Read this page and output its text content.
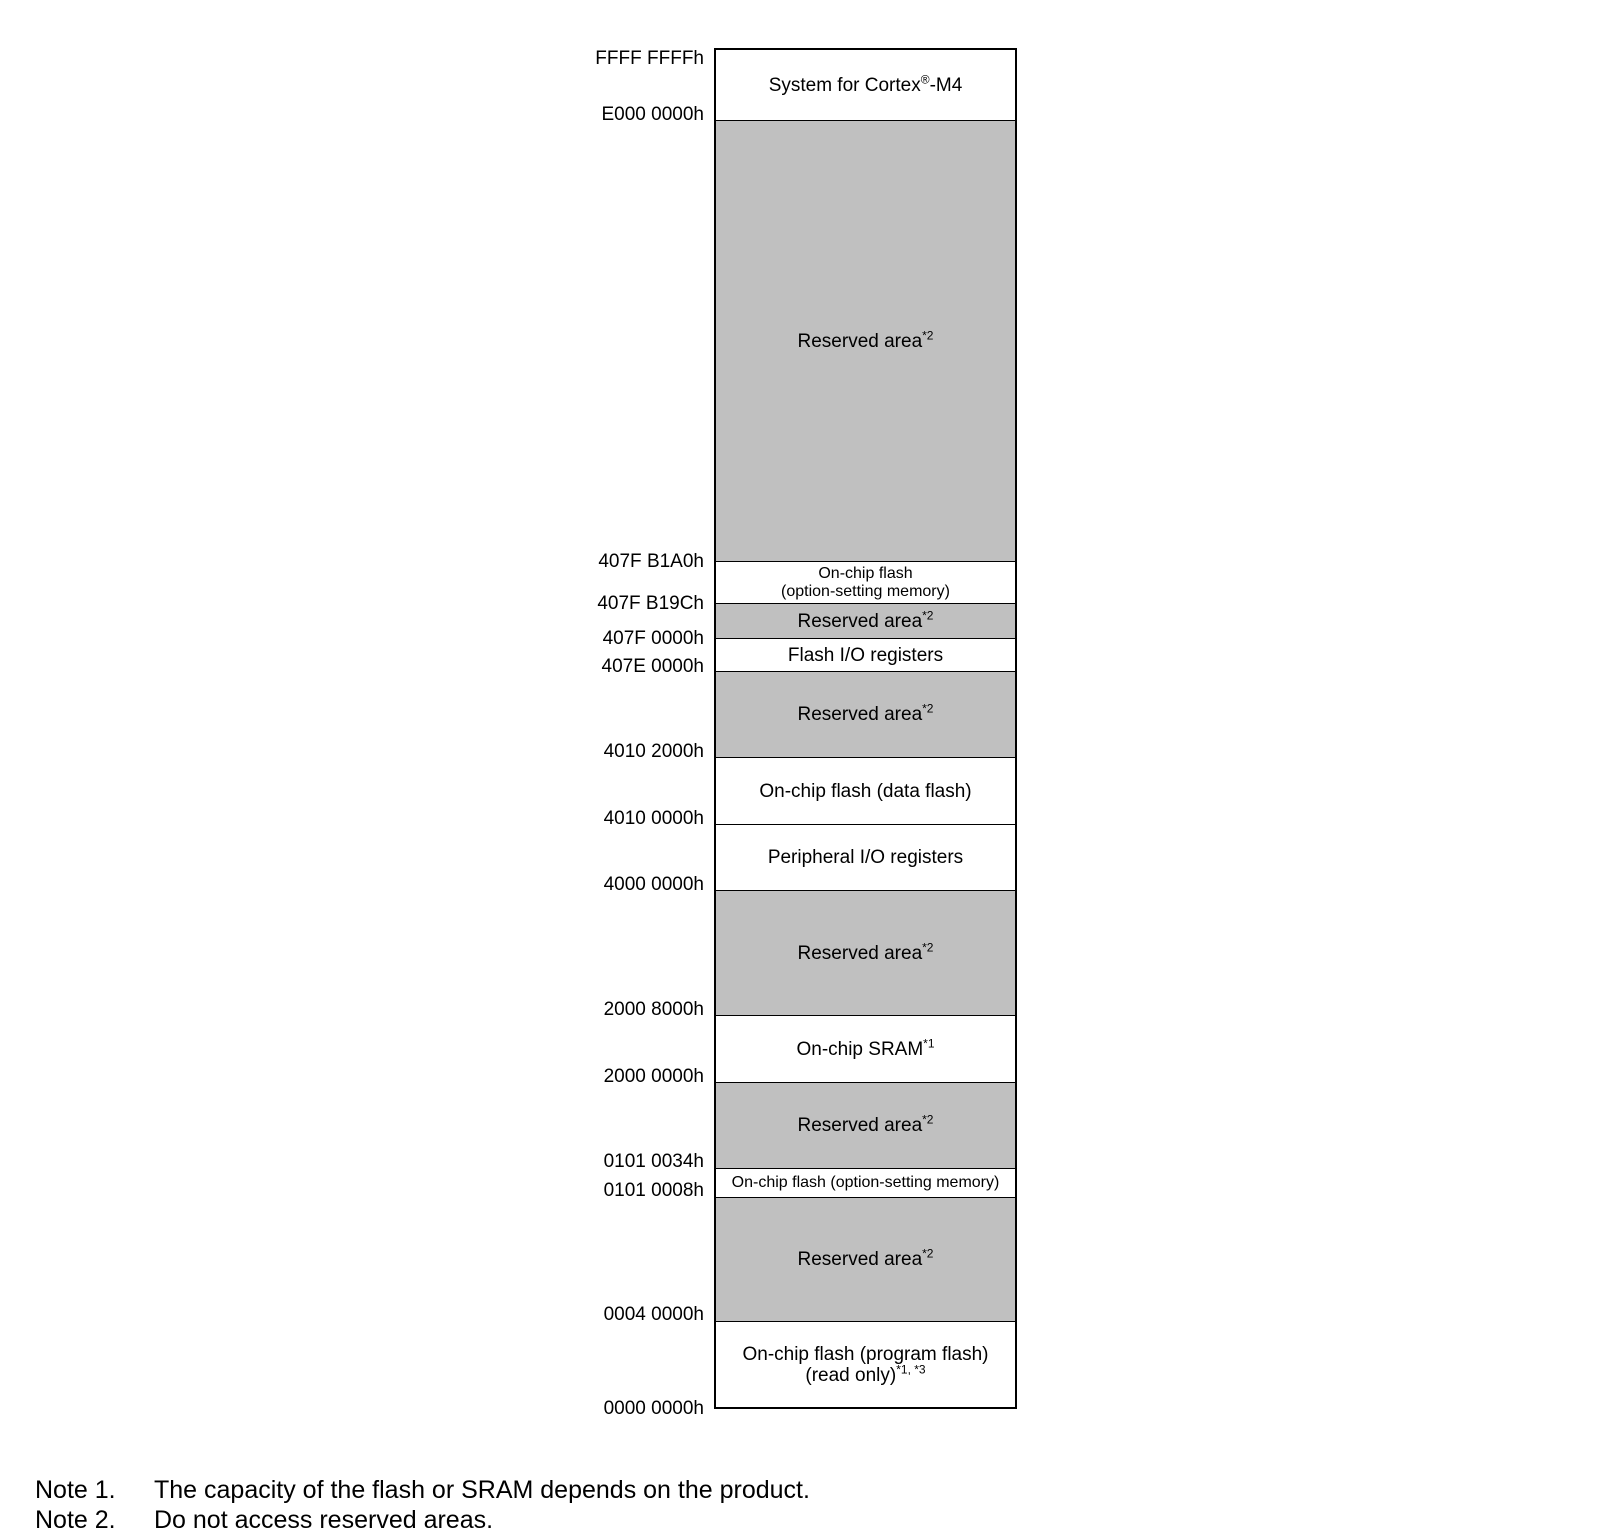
FFFF FFFFh
E000 0000h
407F B1A0h
407F B19Ch
407F 0000h
407E 0000h
4010 2000h
4010 0000h
4000 0000h
2000 8000h
2000 0000h
0101 0034h
0101 0008h
0004 0000h
0000 0000h
System for Cortex®-M4
Reserved area$^{*2}$
On-chip flash
(option-setting memory)
Reserved area$^{*2}$
Flash I/O registers
Reserved area$^{*2}$
On-chip flash (data flash)
Peripheral I/O registers
Reserved area$^{*2}$
On-chip SRAM$^{*1}$
Reserved area$^{*2}$
On-chip flash (option-setting memory)
Reserved area$^{*2}$
On-chip flash (program flash)
(read only)$^{*1, *3}$
Note 1. The capacity of the flash or SRAM depends on the product.
Note 2. Do not access reserved areas.
